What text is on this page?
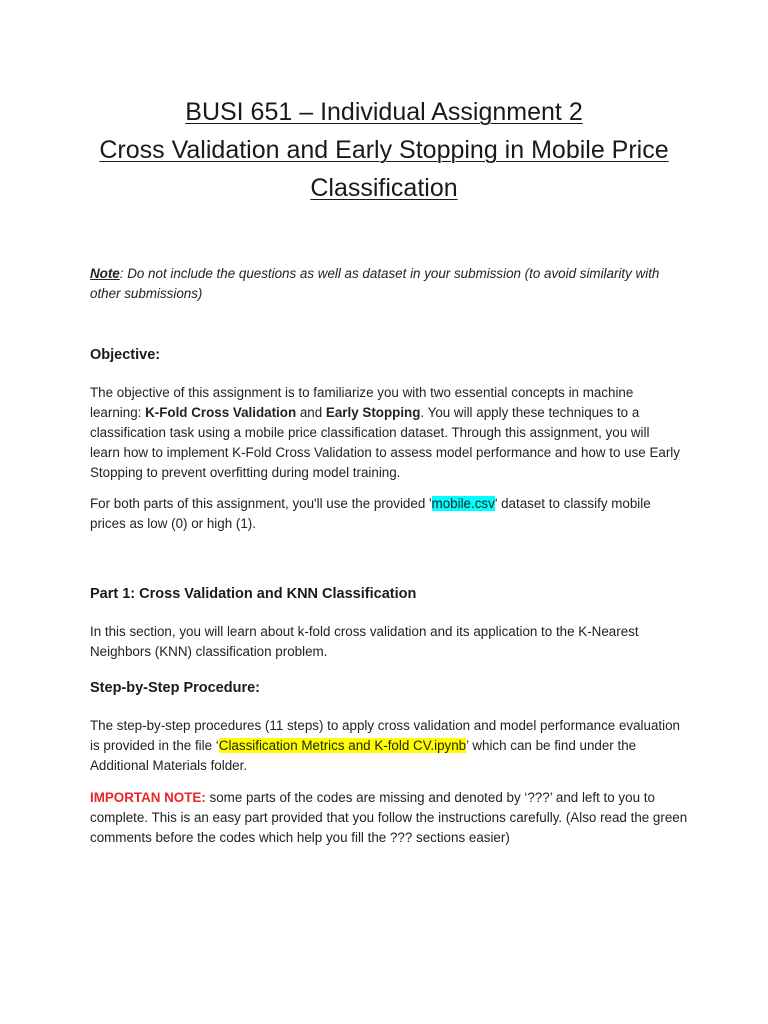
BUSI 651 – Individual Assignment 2
Cross Validation and Early Stopping in Mobile Price
Classification
Note: Do not include the questions as well as dataset in your submission (to avoid similarity with other submissions)
Objective:
The objective of this assignment is to familiarize you with two essential concepts in machine learning: K-Fold Cross Validation and Early Stopping. You will apply these techniques to a classification task using a mobile price classification dataset. Through this assignment, you will learn how to implement K-Fold Cross Validation to assess model performance and how to use Early Stopping to prevent overfitting during model training.
For both parts of this assignment, you'll use the provided 'mobile.csv' dataset to classify mobile prices as low (0) or high (1).
Part 1: Cross Validation and KNN Classification
In this section, you will learn about k-fold cross validation and its application to the K-Nearest Neighbors (KNN) classification problem.
Step-by-Step Procedure:
The step-by-step procedures (11 steps) to apply cross validation and model performance evaluation is provided in the file ‘Classification Metrics and K-fold CV.ipynb’ which can be find under the Additional Materials folder.
IMPORTAN NOTE: some parts of the codes are missing and denoted by ‘???’ and left to you to complete. This is an easy part provided that you follow the instructions carefully. (Also read the green comments before the codes which help you fill the ??? sections easier)
